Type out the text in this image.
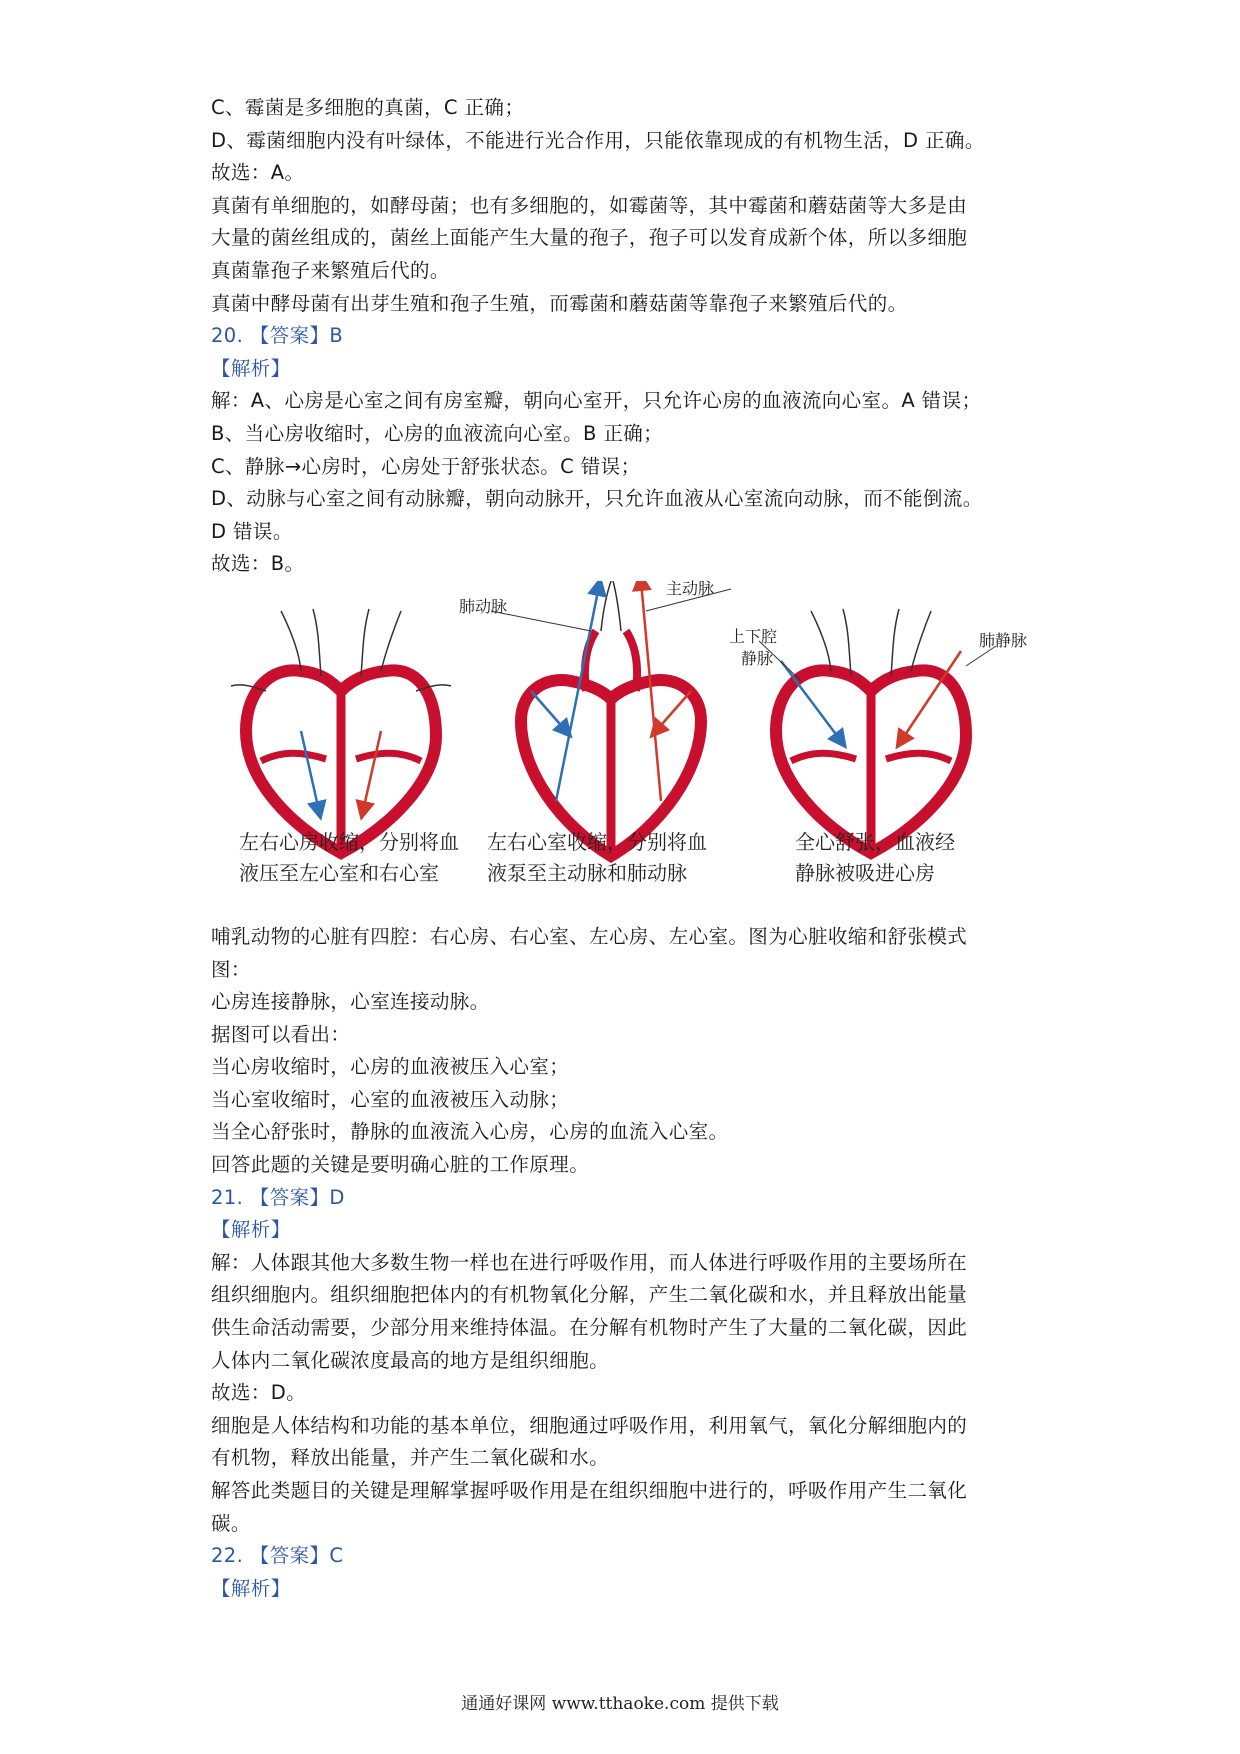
C、霉菌是多细胞的真菌，C 正确；
D、霉菌细胞内没有叶绿体，不能进行光合作用，只能依靠现成的有机物生活，D 正确。
故选：A。
真菌有单细胞的，如酵母菌；也有多细胞的，如霉菌等，其中霉菌和蘑菇菌等大多是由
大量的菌丝组成的，菌丝上面能产生大量的孢子，孢子可以发育成新个体，所以多细胞
真菌靠孢子来繁殖后代的。
真菌中酵母菌有出芽生殖和孢子生殖，而霉菌和蘑菇菌等靠孢子来繁殖后代的。
20. 【答案】B
【解析】
解：A、心房是心室之间有房室瓣，朝向心室开，只允许心房的血液流向心室。A 错误；
B、当心房收缩时，心房的血液流向心室。B 正确；
C、静脉→心房时，心房处于舒张状态。C 错误；
D、动脉与心室之间有动脉瓣，朝向动脉开，只允许血液从心室流向动脉，而不能倒流。
D 错误。
故选：B。
肺动脉
主动脉
上下腔
静脉
肺静脉
左右心房收缩，分别将血
液压至左心室和右心室
左右心室收缩，分别将血
液泵至主动脉和肺动脉
全心舒张，血液经
静脉被吸进心房
哺乳动物的心脏有四腔：右心房、右心室、左心房、左心室。图为心脏收缩和舒张模式
图：
心房连接静脉，心室连接动脉。
据图可以看出：
当心房收缩时，心房的血液被压入心室；
当心室收缩时，心室的血液被压入动脉；
当全心舒张时，静脉的血液流入心房，心房的血流入心室。
回答此题的关键是要明确心脏的工作原理。
21. 【答案】D
【解析】
解：人体跟其他大多数生物一样也在进行呼吸作用，而人体进行呼吸作用的主要场所在
组织细胞内。组织细胞把体内的有机物氧化分解，产生二氧化碳和水，并且释放出能量
供生命活动需要，少部分用来维持体温。在分解有机物时产生了大量的二氧化碳，因此
人体内二氧化碳浓度最高的地方是组织细胞。
故选：D。
细胞是人体结构和功能的基本单位，细胞通过呼吸作用，利用氧气，氧化分解细胞内的
有机物，释放出能量，并产生二氧化碳和水。
解答此类题目的关键是理解掌握呼吸作用是在组织细胞中进行的，呼吸作用产生二氧化
碳。
22. 【答案】C
【解析】
通通好课网 www.tthaoke.com 提供下载
